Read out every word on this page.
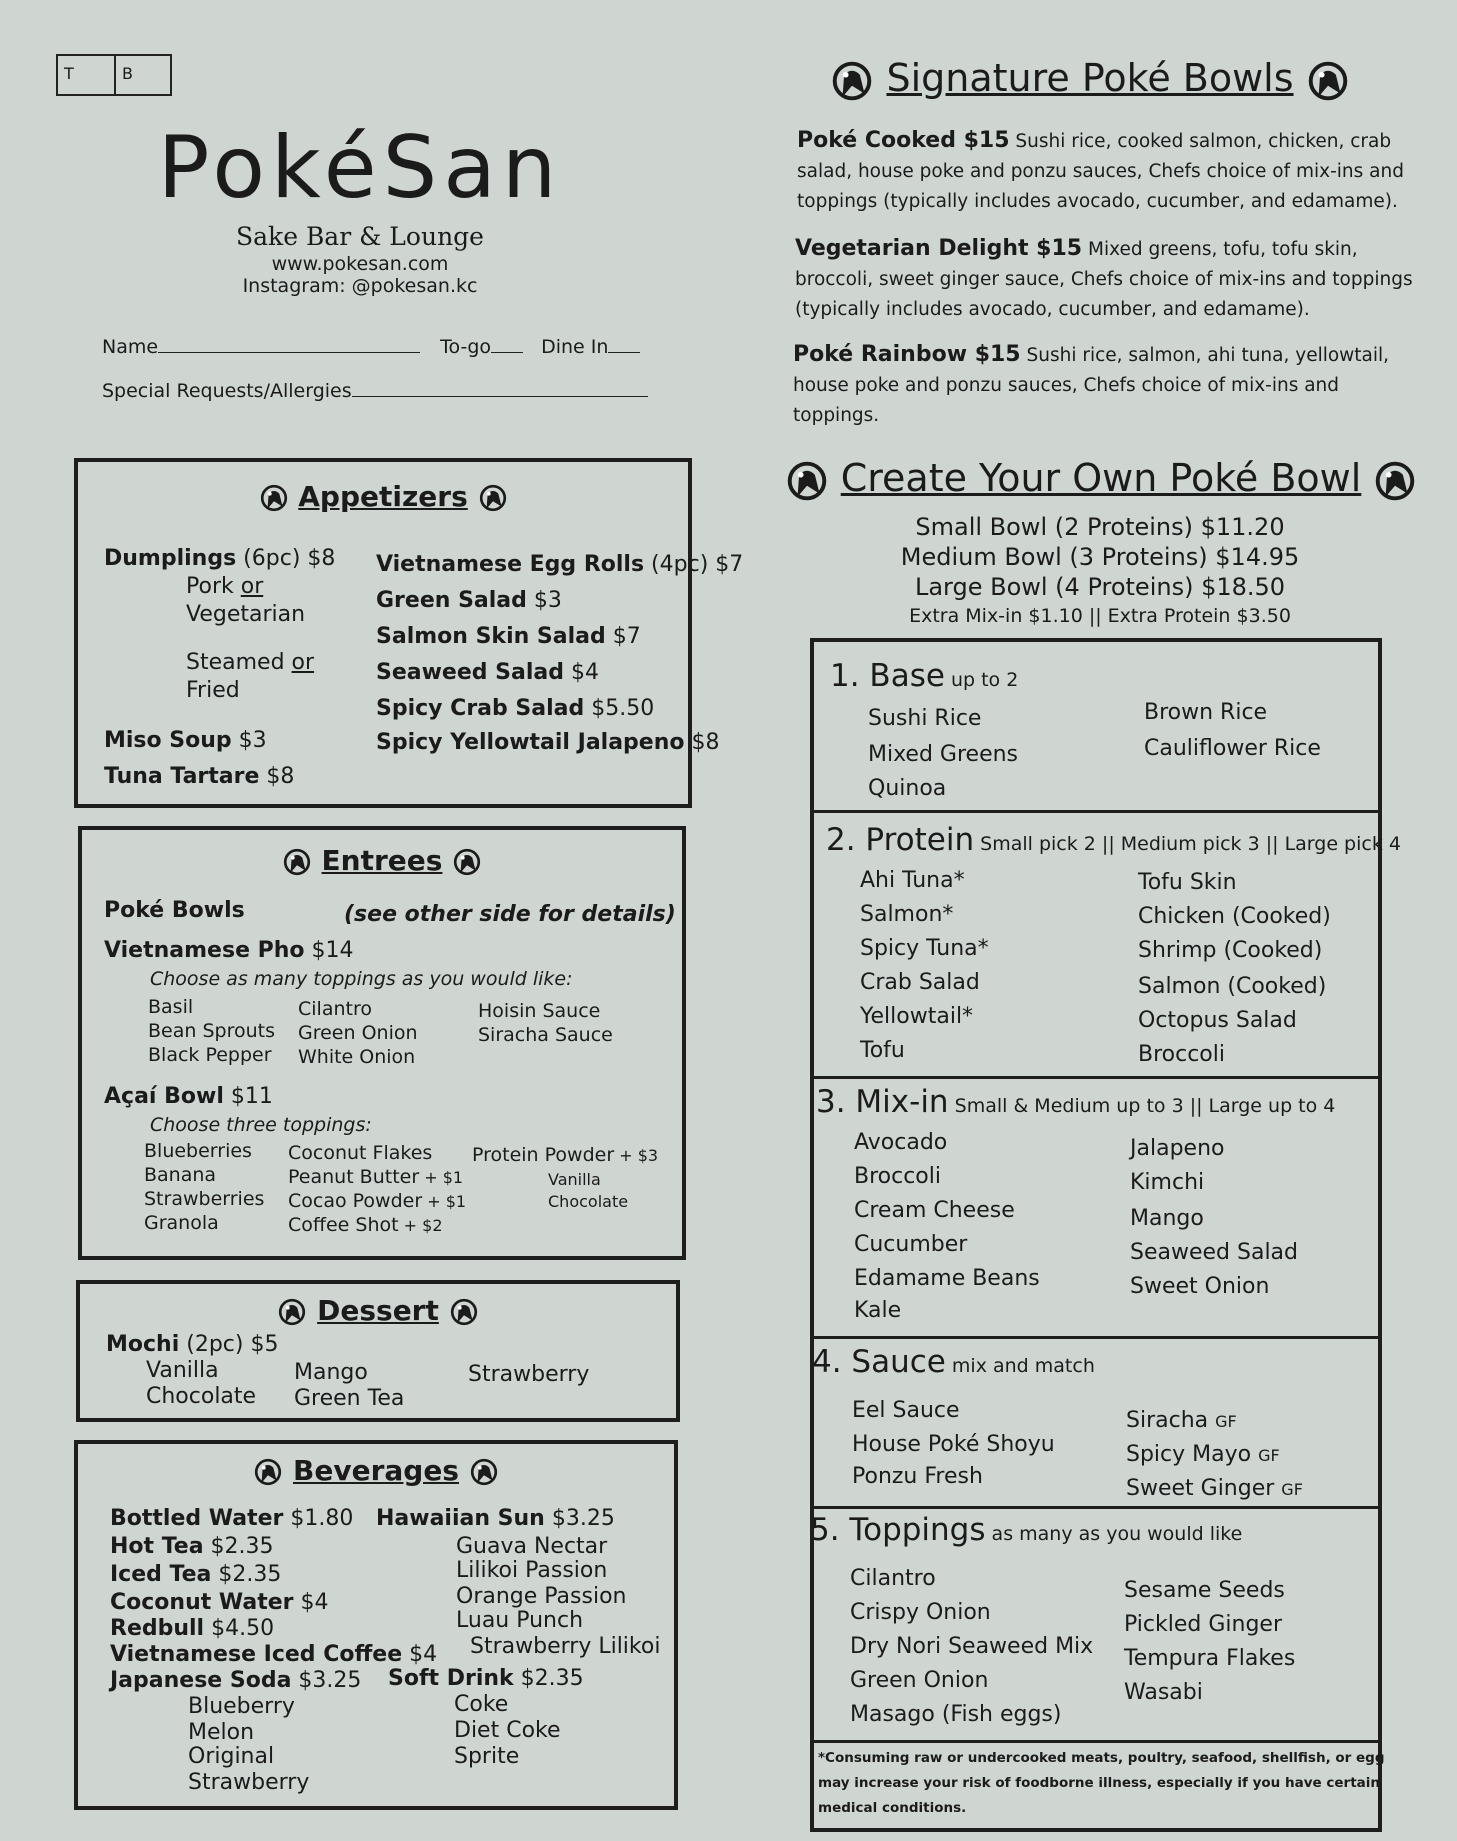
T	B
PokéSan
Sake Bar & Lounge
www.pokesan.com
Instagram: @pokesan.kc
Name	To-go	Dine In
Special Requests/Allergies
Appetizers
Dumplings (6pc) $8
Pork or
Vegetarian
Steamed or
Fried
Miso Soup $3
Tuna Tartare $8
Vietnamese Egg Rolls (4pc) $7
Green Salad $3
Salmon Skin Salad $7
Seaweed Salad $4
Spicy Crab Salad $5.50
Spicy Yellowtail Jalapeno $8
Entrees
Poké Bowls	(see other side for details)
Vietnamese Pho $14
Choose as many toppings as you would like:
Basil
Bean Sprouts
Black Pepper
Cilantro
Green Onion
White Onion
Hoisin Sauce
Siracha Sauce
Açaí Bowl $11
Choose three toppings:
Blueberries
Banana
Strawberries
Granola
Coconut Flakes
Peanut Butter + $1
Cocao Powder + $1
Coffee Shot + $2
Protein Powder + $3
Vanilla
Chocolate
Dessert
Mochi (2pc) $5
Vanilla
Chocolate
Mango
Green Tea
Strawberry
Beverages
Bottled Water $1.80
Hot Tea $2.35
Iced Tea $2.35
Coconut Water $4
Redbull $4.50
Vietnamese Iced Coffee $4
Japanese Soda $3.25
Blueberry
Melon
Original
Strawberry
Hawaiian Sun $3.25
Guava Nectar
Lilikoi Passion
Orange Passion
Luau Punch
Strawberry Lilikoi
Soft Drink $2.35
Coke
Diet Coke
Sprite
Signature Poké Bowls
Poké Cooked $15 Sushi rice, cooked salmon, chicken, crab
salad, house poke and ponzu sauces, Chefs choice of mix-ins and
toppings (typically includes avocado, cucumber, and edamame).
Vegetarian Delight $15 Mixed greens, tofu, tofu skin,
broccoli, sweet ginger sauce, Chefs choice of mix-ins and toppings
(typically includes avocado, cucumber, and edamame).
Poké Rainbow $15 Sushi rice, salmon, ahi tuna, yellowtail,
house poke and ponzu sauces, Chefs choice of mix-ins and
toppings.
Create Your Own Poké Bowl
Small Bowl (2 Proteins) $11.20
Medium Bowl (3 Proteins) $14.95
Large Bowl (4 Proteins) $18.50
Extra Mix-in $1.10 || Extra Protein $3.50
1. Base up to 2
Sushi Rice
Mixed Greens
Quinoa
Brown Rice
Cauliflower Rice
2. Protein Small pick 2 || Medium pick 3 || Large pick 4
Ahi Tuna*
Salmon*
Spicy Tuna*
Crab Salad
Yellowtail*
Tofu
Tofu Skin
Chicken (Cooked)
Shrimp (Cooked)
Salmon (Cooked)
Octopus Salad
Broccoli
3. Mix-in Small & Medium up to 3 || Large up to 4
Avocado
Broccoli
Cream Cheese
Cucumber
Edamame Beans
Kale
Jalapeno
Kimchi
Mango
Seaweed Salad
Sweet Onion
4. Sauce mix and match
Eel Sauce
House Poké Shoyu
Ponzu Fresh
Siracha GF
Spicy Mayo GF
Sweet Ginger GF
5. Toppings as many as you would like
Cilantro
Crispy Onion
Dry Nori Seaweed Mix
Green Onion
Masago (Fish eggs)
Sesame Seeds
Pickled Ginger
Tempura Flakes
Wasabi
*Consuming raw or undercooked meats, poultry, seafood, shellfish, or egg
may increase your risk of foodborne illness, especially if you have certain
medical conditions.
